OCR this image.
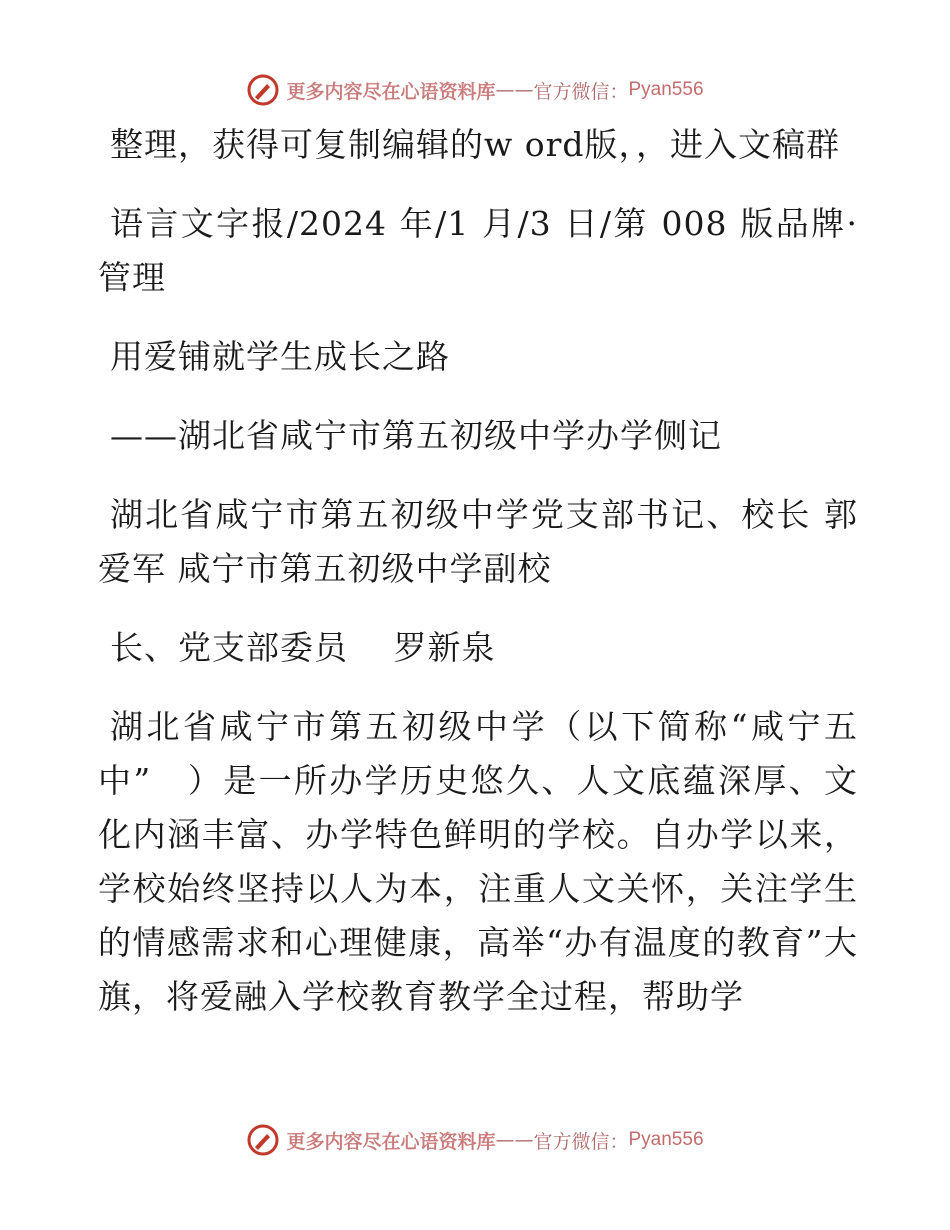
更多内容尽在心语资料库 —— 官方微信： Pyan556

整理，获得可复制编辑的w ord版，，进入文稿群

语言文字报/2024 年/1 月/3 日/第 008 版品牌·管理

用爱铺就学生成长之路

——湖北省咸宁市第五初级中学办学侧记

湖北省咸宁市第五初级中学党支部书记、校长 郭爱军 咸宁市第五初级中学副校

长、党支部委员　 罗新泉

湖北省咸宁市第五初级中学（以下简称“咸宁五中”　）是一所办学历史悠久、人文底蕴深厚、文化内涵丰富、办学特色鲜明的学校。自办学以来，学校始终坚持以人为本，注重人文关怀，关注学生的情感需求和心理健康，高举“办有温度的教育”大旗，将爱融入学校教育教学全过程，帮助学

更多内容尽在心语资料库 —— 官方微信： Pyan556
